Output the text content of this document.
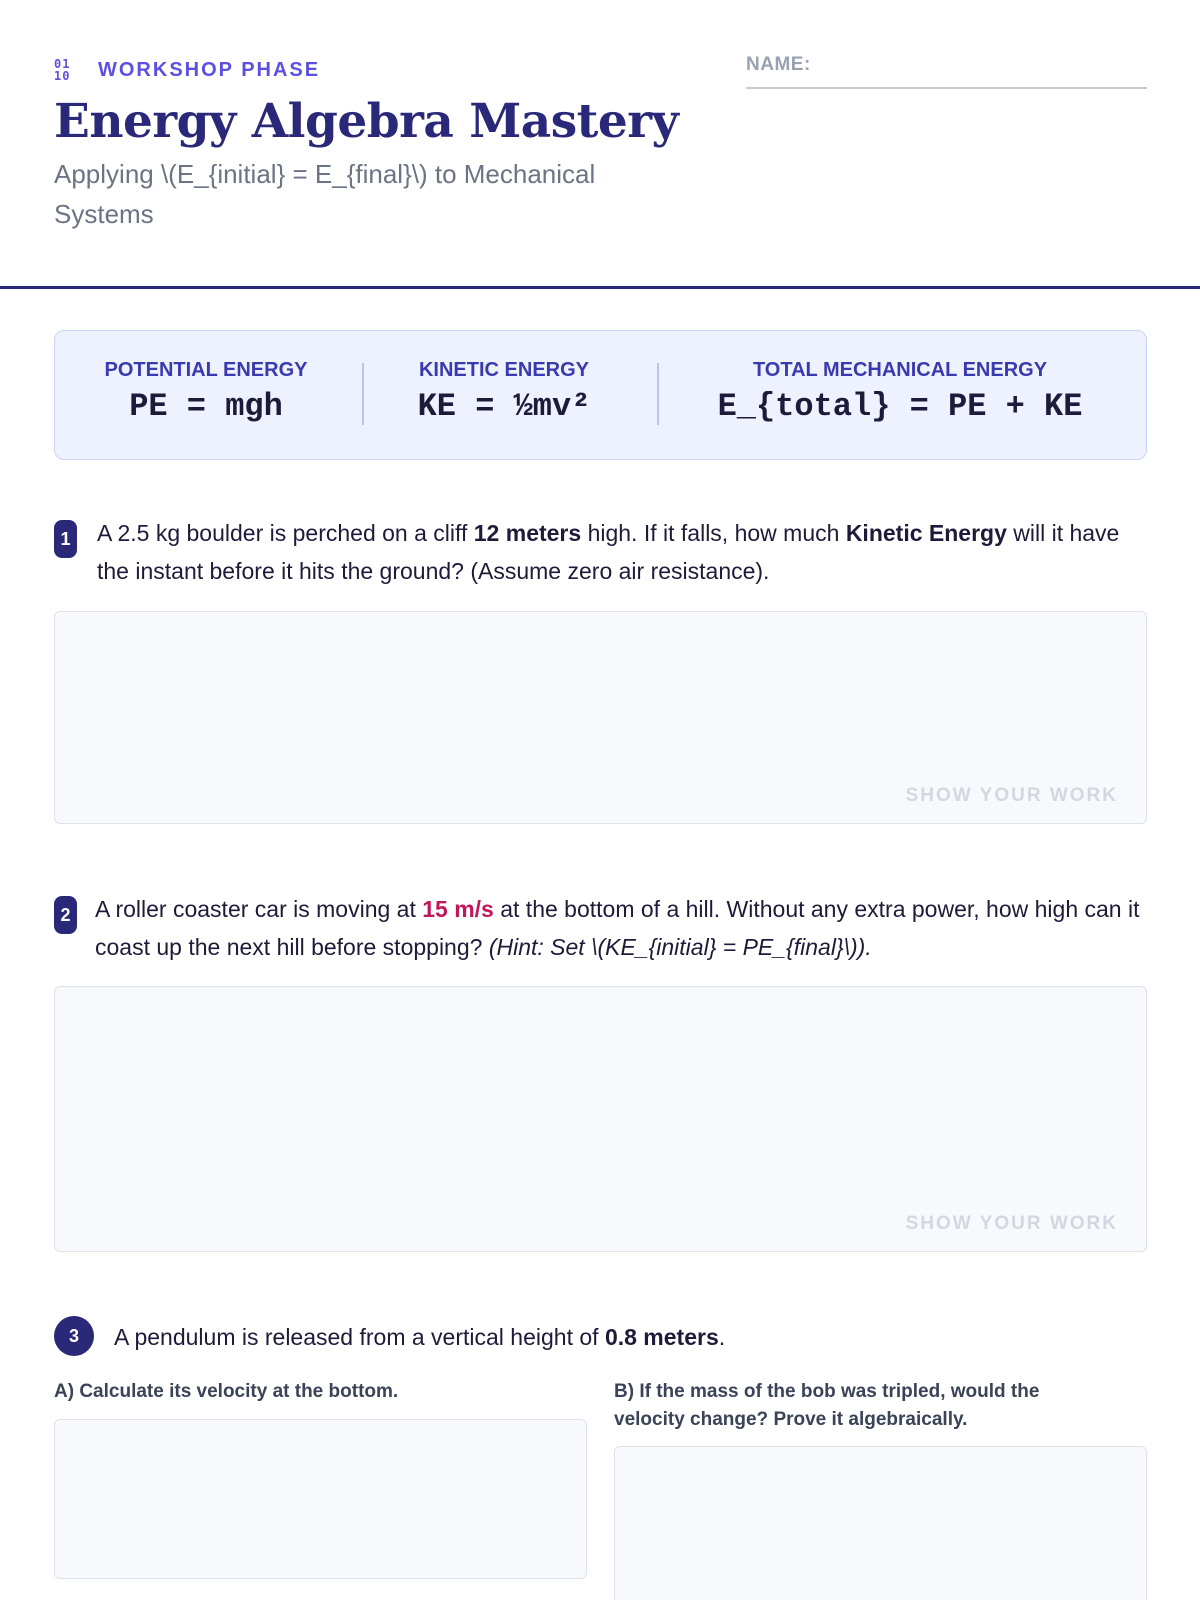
01
10	WORKSHOP PHASE
Energy Algebra Mastery
Applying \(E_{initial} = E_{final}\) to Mechanical Systems
NAME:
POTENTIAL ENERGY
PE = mgh
KINETIC ENERGY
KE = ½mv²
TOTAL MECHANICAL ENERGY
E_{total} = PE + KE
1	A 2.5 kg boulder is perched on a cliff 12 meters high. If it falls, how much Kinetic Energy will it have the instant before it hits the ground? (Assume zero air resistance).

SHOW YOUR WORK
2	A roller coaster car is moving at 15 m/s at the bottom of a hill. Without any extra power, how high can it coast up the next hill before stopping? (Hint: Set \(KE_{initial} = PE_{final}\)).

SHOW YOUR WORK
3	A pendulum is released from a vertical height of 0.8 meters.

A) Calculate its velocity at the bottom.	B) If the mass of the bob was tripled, would the velocity change? Prove it algebraically.
